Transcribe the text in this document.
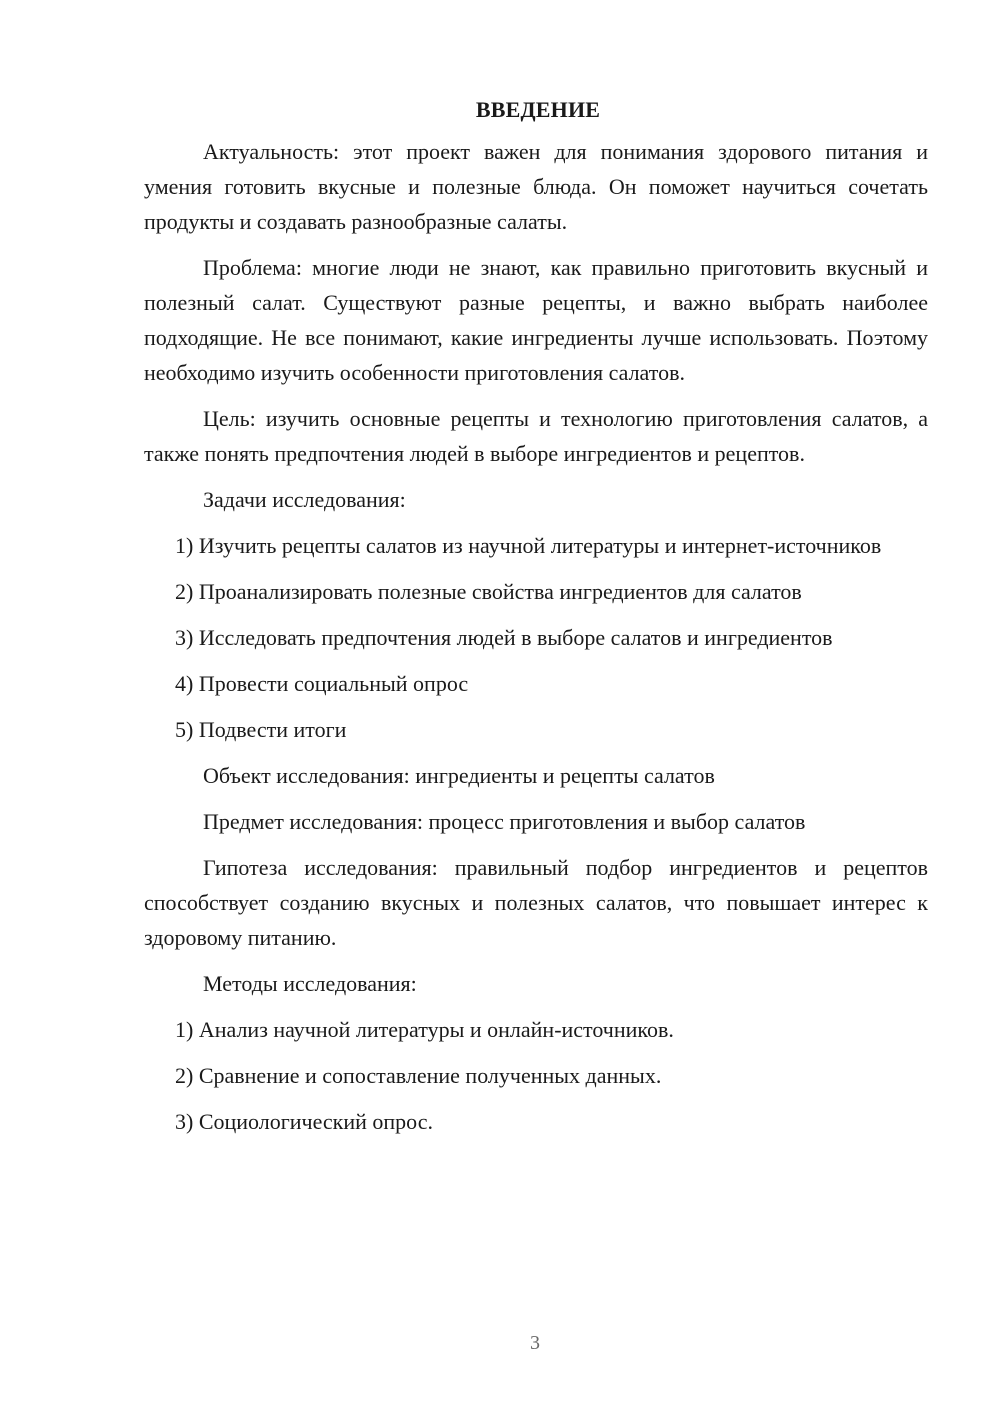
ВВЕДЕНИЕ

Актуальность: этот проект важен для понимания здорового питания и умения готовить вкусные и полезные блюда. Он поможет научиться сочетать продукты и создавать разнообразные салаты.

Проблема: многие люди не знают, как правильно приготовить вкусный и полезный салат. Существуют разные рецепты, и важно выбрать наиболее подходящие. Не все понимают, какие ингредиенты лучше использовать. Поэтому необходимо изучить особенности приготовления салатов.

Цель: изучить основные рецепты и технологию приготовления салатов, а также понять предпочтения людей в выборе ингредиентов и рецептов.

Задачи исследования:

1) Изучить рецепты салатов из научной литературы и интернет-источников

2) Проанализировать полезные свойства ингредиентов для салатов

3) Исследовать предпочтения людей в выборе салатов и ингредиентов

4) Провести социальный опрос

5) Подвести итоги

Объект исследования: ингредиенты и рецепты салатов

Предмет исследования: процесс приготовления и выбор салатов

Гипотеза исследования: правильный подбор ингредиентов и рецептов способствует созданию вкусных и полезных салатов, что повышает интерес к здоровому питанию.

Методы исследования:

1) Анализ научной литературы и онлайн-источников.

2) Сравнение и сопоставление полученных данных.

3) Социологический опрос.

3
